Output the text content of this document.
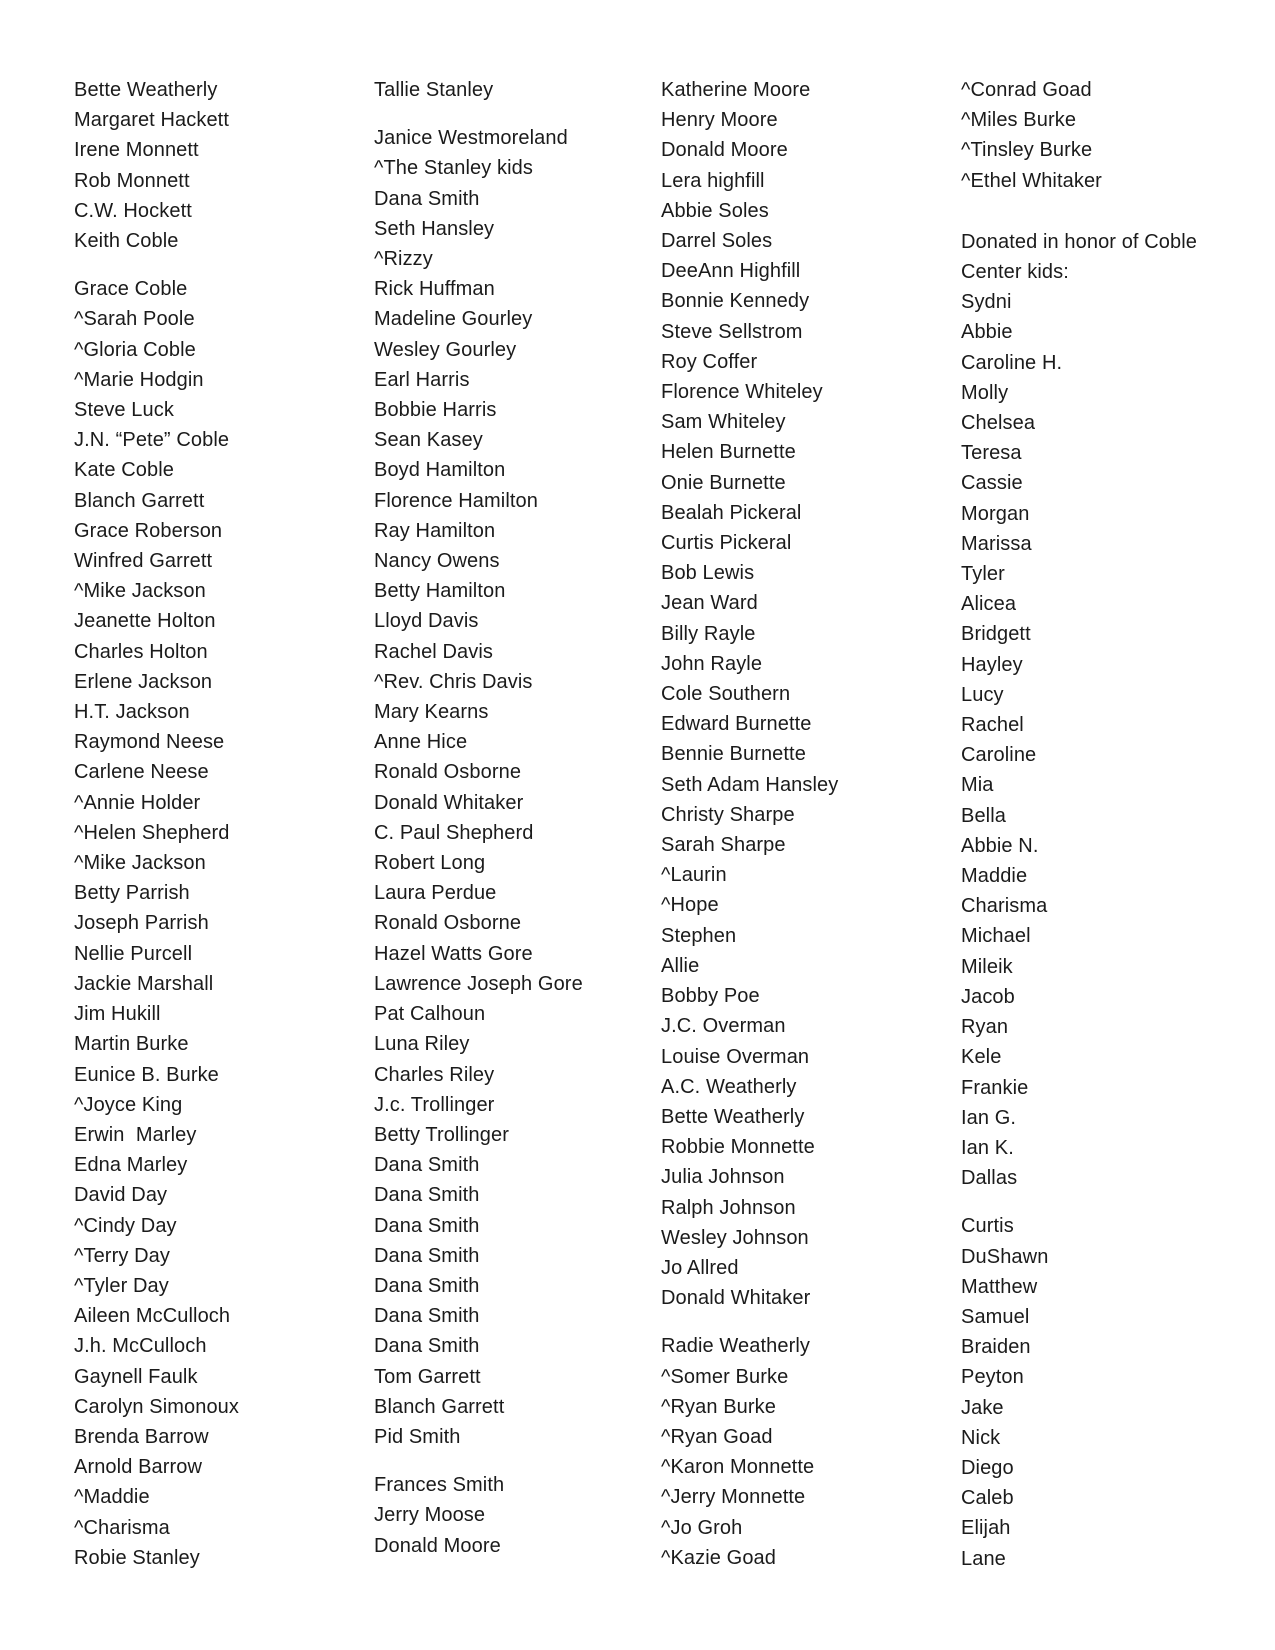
Bette Weatherly
Margaret Hackett
Irene Monnett
Rob Monnett
C.W. Hockett
Keith Coble
Grace Coble
^Sarah Poole
^Gloria Coble
^Marie Hodgin
Steve Luck
J.N. “Pete” Coble
Kate Coble
Blanch Garrett
Grace Roberson
Winfred Garrett
^Mike Jackson
Jeanette Holton
Charles Holton
Erlene Jackson
H.T. Jackson
Raymond Neese
Carlene Neese
^Annie Holder
^Helen Shepherd
^Mike Jackson
Betty Parrish
Joseph Parrish
Nellie Purcell
Jackie Marshall
Jim Hukill
Martin Burke
Eunice B. Burke
^Joyce King
Erwin  Marley
Edna Marley
David Day
^Cindy Day
^Terry Day
^Tyler Day
Aileen McCulloch
J.h. McCulloch
Gaynell Faulk
Carolyn Simonoux
Brenda Barrow
Arnold Barrow
^Maddie
^Charisma
Robie Stanley
Tallie Stanley
Janice Westmoreland
^The Stanley kids
Dana Smith
Seth Hansley
^Rizzy
Rick Huffman
Madeline Gourley
Wesley Gourley
Earl Harris
Bobbie Harris
Sean Kasey
Boyd Hamilton
Florence Hamilton
Ray Hamilton
Nancy Owens
Betty Hamilton
Lloyd Davis
Rachel Davis
^Rev. Chris Davis
Mary Kearns
Anne Hice
Ronald Osborne
Donald Whitaker
C. Paul Shepherd
Robert Long
Laura Perdue
Ronald Osborne
Hazel Watts Gore
Lawrence Joseph Gore
Pat Calhoun
Luna Riley
Charles Riley
J.c. Trollinger
Betty Trollinger
Dana Smith
Dana Smith
Dana Smith
Dana Smith
Dana Smith
Dana Smith
Dana Smith
Tom Garrett
Blanch Garrett
Pid Smith
Frances Smith
Jerry Moose
Donald Moore
Katherine Moore
Henry Moore
Donald Moore
Lera highfill
Abbie Soles
Darrel Soles
DeeAnn Highfill
Bonnie Kennedy
Steve Sellstrom
Roy Coffer
Florence Whiteley
Sam Whiteley
Helen Burnette
Onie Burnette
Bealah Pickeral
Curtis Pickeral
Bob Lewis
Jean Ward
Billy Rayle
John Rayle
Cole Southern
Edward Burnette
Bennie Burnette
Seth Adam Hansley
Christy Sharpe
Sarah Sharpe
^Laurin
^Hope
Stephen
Allie
Bobby Poe
J.C. Overman
Louise Overman
A.C. Weatherly
Bette Weatherly
Robbie Monnette
Julia Johnson
Ralph Johnson
Wesley Johnson
Jo Allred
Donald Whitaker
Radie Weatherly
^Somer Burke
^Ryan Burke
^Ryan Goad
^Karon Monnette
^Jerry Monnette
^Jo Groh
^Kazie Goad
^Conrad Goad
^Miles Burke
^Tinsley Burke
^Ethel Whitaker
Donated in honor of Coble
Center kids:
Sydni
Abbie
Caroline H.
Molly
Chelsea
Teresa
Cassie
Morgan
Marissa
Tyler
Alicea
Bridgett
Hayley
Lucy
Rachel
Caroline
Mia
Bella
Abbie N.
Maddie
Charisma
Michael
Mileik
Jacob
Ryan
Kele
Frankie
Ian G.
Ian K.
Dallas
Curtis
DuShawn
Matthew
Samuel
Braiden
Peyton
Jake
Nick
Diego
Caleb
Elijah
Lane
